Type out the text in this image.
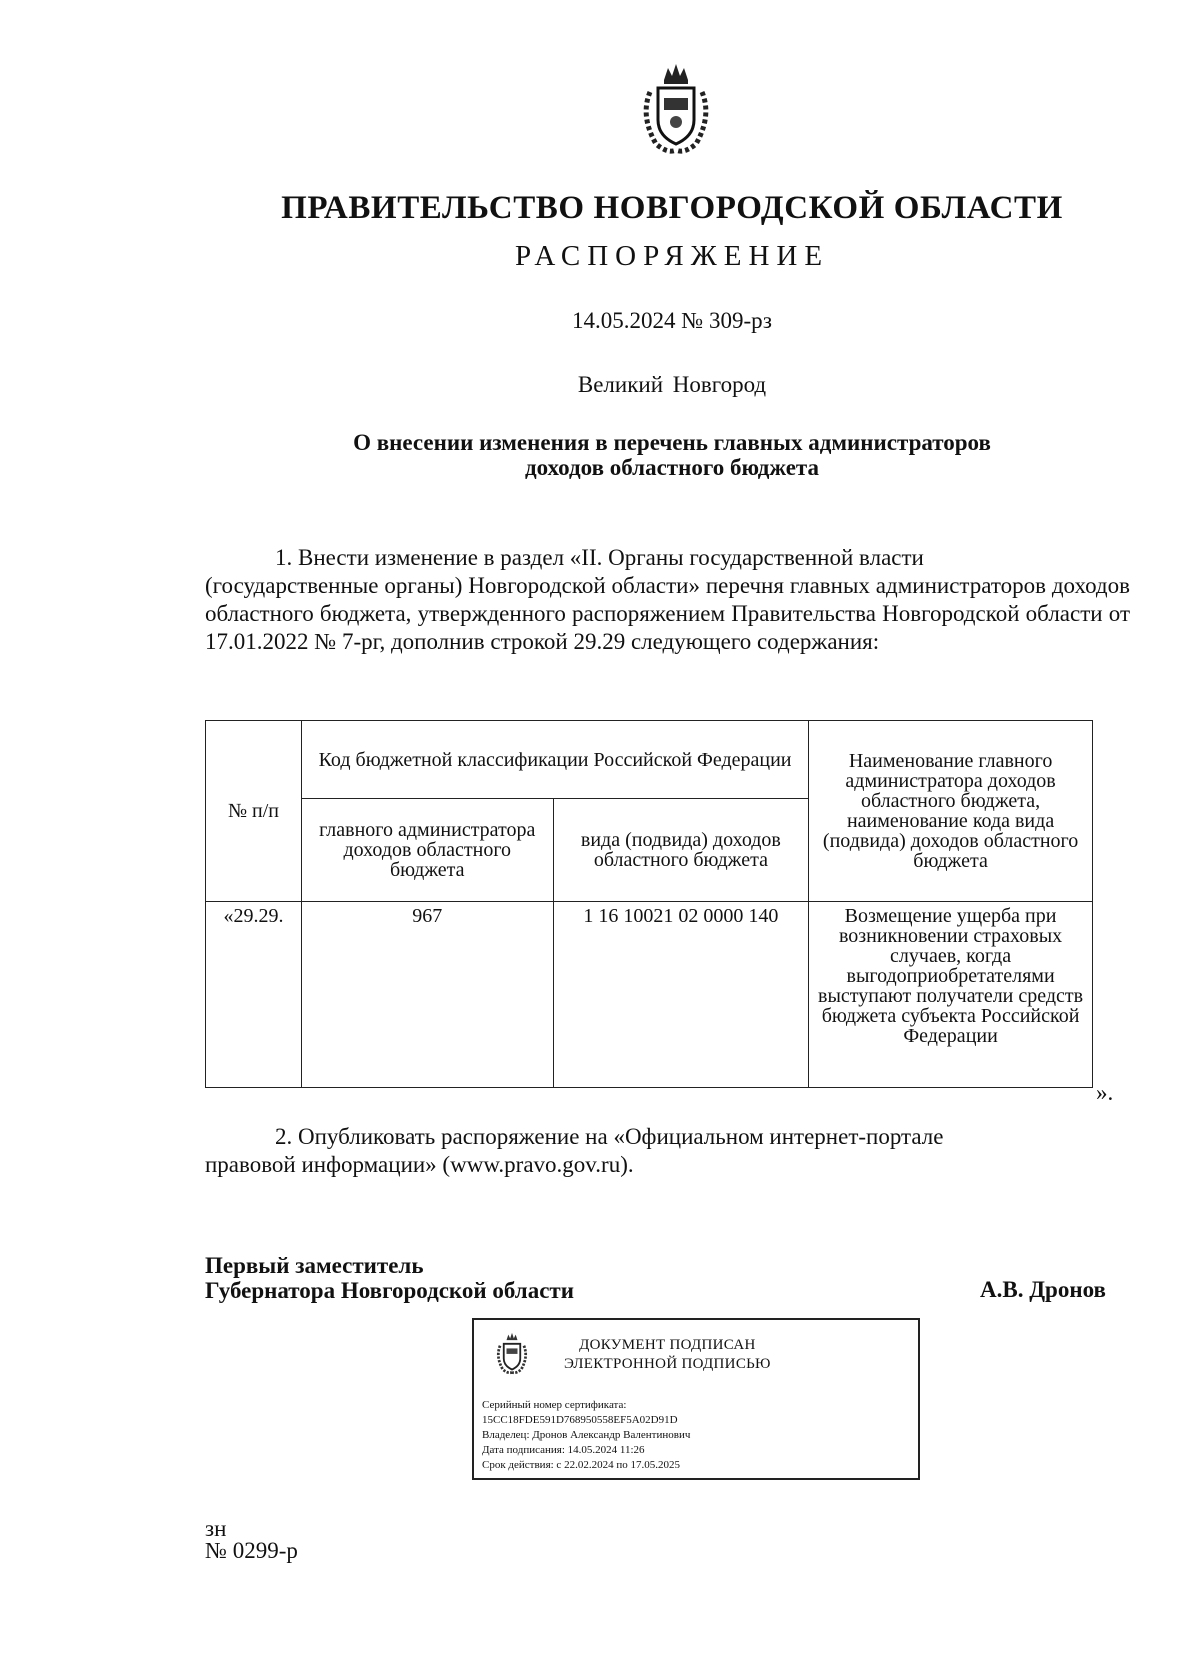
ПРАВИТЕЛЬСТВО НОВГОРОДСКОЙ ОБЛАСТИ
РАСПОРЯЖЕНИЕ
14.05.2024 № 309-рз
Великий Новгород
О внесении изменения в перечень главных администраторов
доходов областного бюджета
1. Внести изменение в раздел «II. Органы государственной власти
(государственные органы) Новгородской области» перечня главных администраторов доходов областного бюджета, утвержденного распоряжением Правительства Новгородской области от 17.01.2022 № 7-рг, дополнив строкой 29.29 следующего содержания:
№ п/п	Код бюджетной классификации Российской Федерации		Наименование главного администратора доходов областного бюджета, наименование кода вида (подвида) доходов областного бюджета
	главного администратора доходов областного бюджета	вида (подвида) доходов областного бюджета	
«29.29.	967	1 16 10021 02 0000 140	Возмещение ущерба при возникновении страховых случаев, когда выгодоприобретателями выступают получатели средств бюджета субъекта Российской Федерации
».
2. Опубликовать распоряжение на «Официальном интернет-портале
правовой информации» (www.pravo.gov.ru).
Первый заместитель
Губернатора Новгородской области	А.В. Дронов
ДОКУМЕНТ ПОДПИСАН
ЭЛЕКТРОННОЙ ПОДПИСЬЮ
Серийный номер сертификата:
15CC18FDE591D768950558EF5A02D91D
Владелец: Дронов Александр Валентинович
Дата подписания: 14.05.2024 11:26
Срок действия: с 22.02.2024 по 17.05.2025
зн
№ 0299-р
